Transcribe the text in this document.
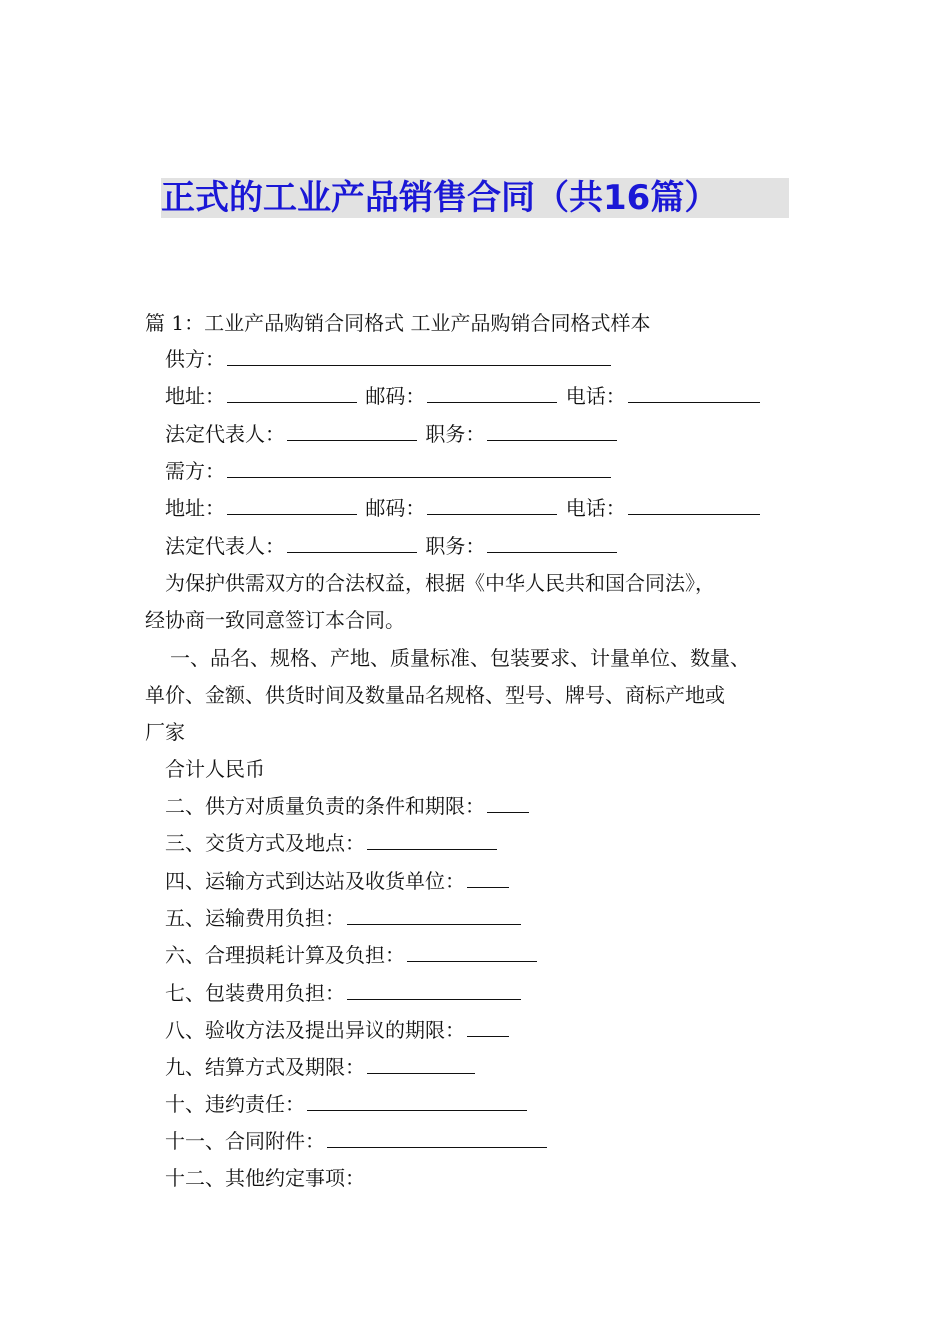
正式的工业产品销售合同（共16篇）
篇 1：工业产品购销合同格式 工业产品购销合同格式样本
供方：
地址：	邮码：	电话：
法定代表人：	职务：
需方：
地址：	邮码：	电话：
法定代表人：	职务：
为保护供需双方的合法权益，根据《中华人民共和国合同法》，
经协商一致同意签订本合同。
一、品名、规格、产地、质量标准、包装要求、计量单位、数量、
单价、金额、供货时间及数量品名规格、型号、牌号、商标产地或
厂家
合计人民币
二、供方对质量负责的条件和期限：
三、交货方式及地点：
四、运输方式到达站及收货单位：
五、运输费用负担：
六、合理损耗计算及负担：
七、包装费用负担：
八、验收方法及提出异议的期限：
九、结算方式及期限：
十、违约责任：
十一、合同附件：
十二、其他约定事项：
